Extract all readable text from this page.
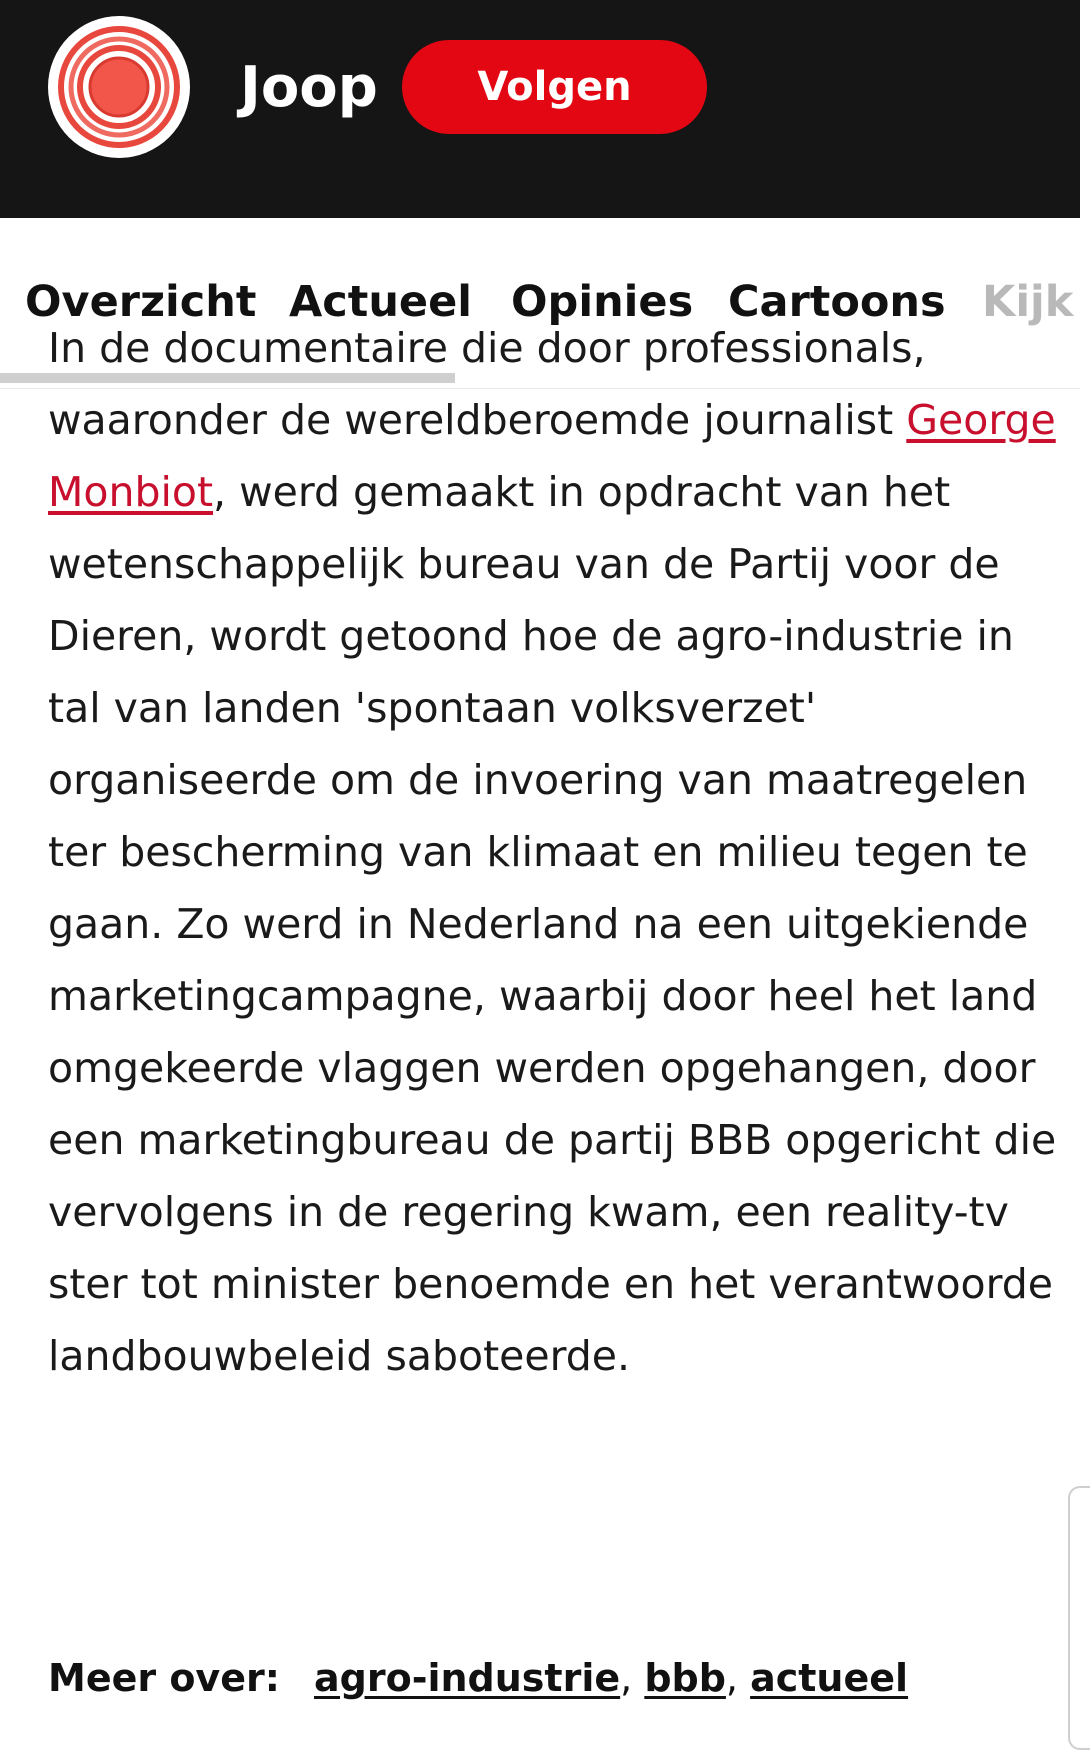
Joop	Volgen
Overzicht Actueel Opinies Cartoons Kijk

In de documentaire die door professionals, waaronder de wereldberoemde journalist George Monbiot, werd gemaakt in opdracht van het wetenschappelijk bureau van de Partij voor de Dieren, wordt getoond hoe de agro-industrie in tal van landen 'spontaan volksverzet' organiseerde om de invoering van maatregelen ter bescherming van klimaat en milieu tegen te gaan. Zo werd in Nederland na een uitgekiende marketingcampagne, waarbij door heel het land omgekeerde vlaggen werden opgehangen, door een marketingbureau de partij BBB opgericht die vervolgens in de regering kwam, een reality-tv ster tot minister benoemde en het verantwoorde landbouwbeleid saboteerde.

Meer over: agro-industrie, bbb, actueel
